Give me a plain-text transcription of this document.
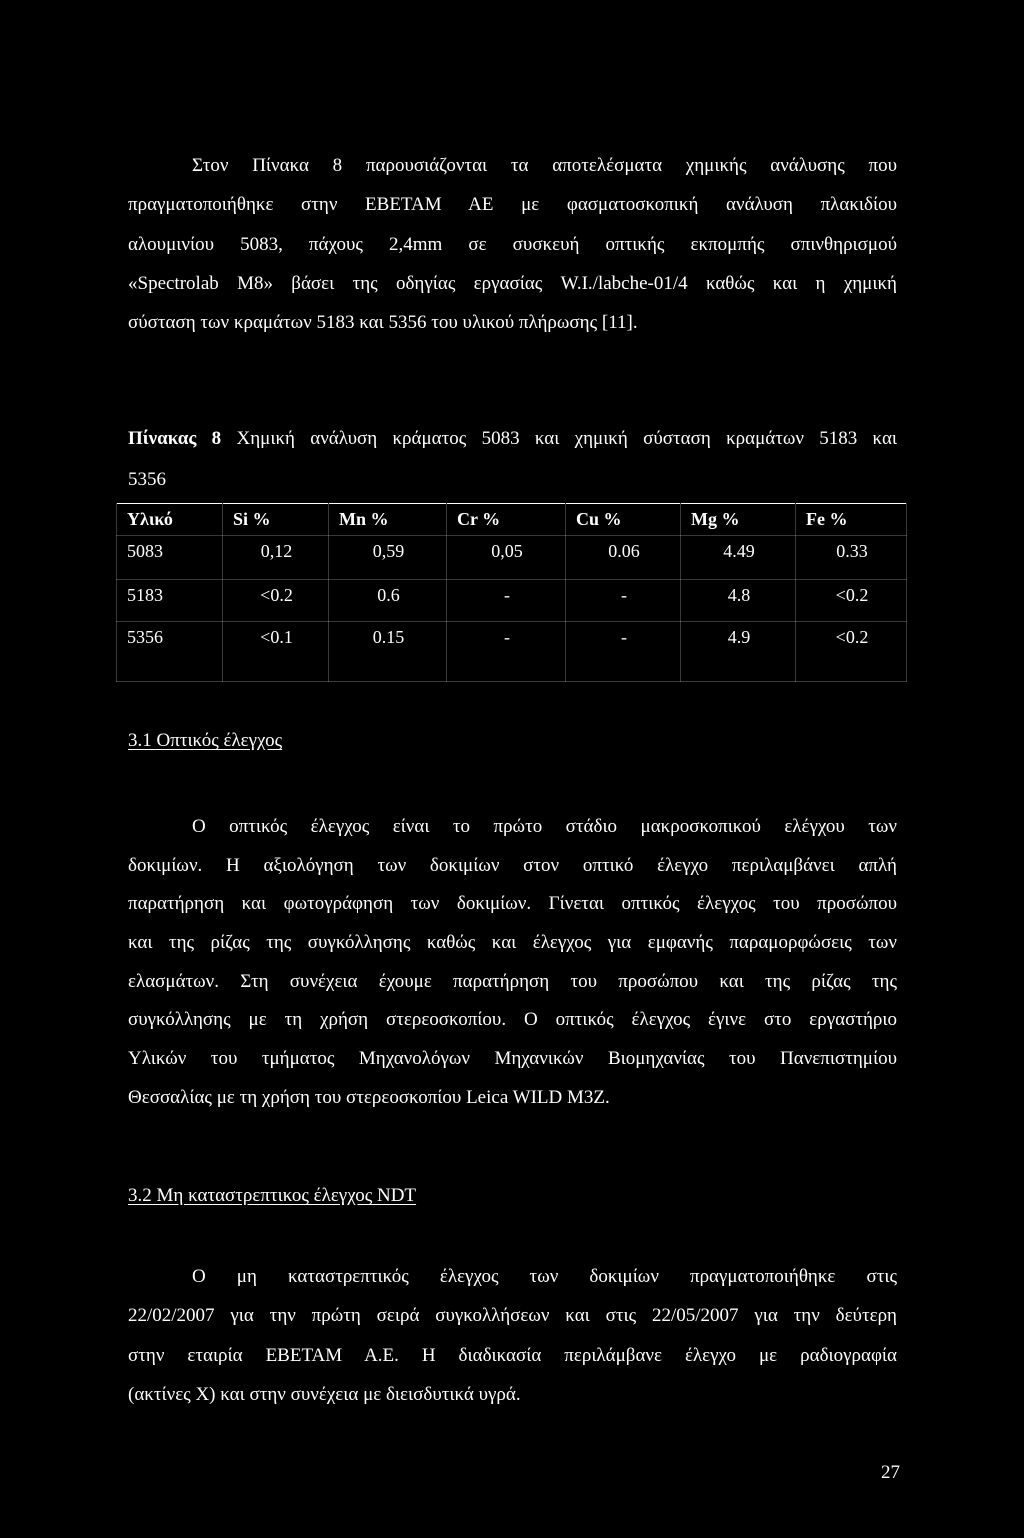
Στον Πίνακα 8 παρουσιάζονται τα αποτελέσματα χημικής ανάλυσης που
πραγματοποιήθηκε στην ΕΒΕΤΑΜ ΑΕ με φασματοσκοπική ανάλυση πλακιδίου
αλουμινίου 5083, πάχους 2,4mm σε συσκευή οπτικής εκπομπής σπινθηρισμού
«Spectrolab M8» βάσει της οδηγίας εργασίας W.I./labche-01/4 καθώς και η χημική
σύσταση των κραμάτων 5183 και 5356 του υλικού πλήρωσης [11].
Πίνακας 8 Χημική ανάλυση κράματος 5083 και χημική σύσταση κραμάτων 5183 και
5356
Υλικό	Si %	Mn %	Cr %	Cu %	Mg %	Fe %
5083	0,12	0,59	0,05	0.06	4.49	0.33
5183	<0.2	0.6	-	-	4.8	<0.2
5356	<0.1	0.15	-	-	4.9	<0.2
3.1 Οπτικός έλεγχος
Ο οπτικός έλεγχος είναι το πρώτο στάδιο μακροσκοπικού ελέγχου των
δοκιμίων. Η αξιολόγηση των δοκιμίων στον οπτικό έλεγχο περιλαμβάνει απλή
παρατήρηση και φωτογράφηση των δοκιμίων. Γίνεται οπτικός έλεγχος του προσώπου
και της ρίζας της συγκόλλησης καθώς και έλεγχος για εμφανής παραμορφώσεις των
ελασμάτων. Στη συνέχεια έχουμε παρατήρηση του προσώπου και της ρίζας της
συγκόλλησης με τη χρήση στερεοσκοπίου. Ο οπτικός έλεγχος έγινε στο εργαστήριο
Υλικών του τμήματος Μηχανολόγων Μηχανικών Βιομηχανίας του Πανεπιστημίου
Θεσσαλίας με τη χρήση του στερεοσκοπίου Leica WILD M3Z.
3.2 Μη καταστρεπτικος έλεγχος NDT
Ο μη καταστρεπτικός έλεγχος των δοκιμίων πραγματοποιήθηκε στις
22/02/2007 για την πρώτη σειρά συγκολλήσεων και στις 22/05/2007 για την δεύτερη
στην εταιρία ΕΒΕΤΑΜ Α.Ε. Η διαδικασία περιλάμβανε έλεγχο με ραδιογραφία
(ακτίνες Χ) και στην συνέχεια με διεισδυτικά υγρά.
27
